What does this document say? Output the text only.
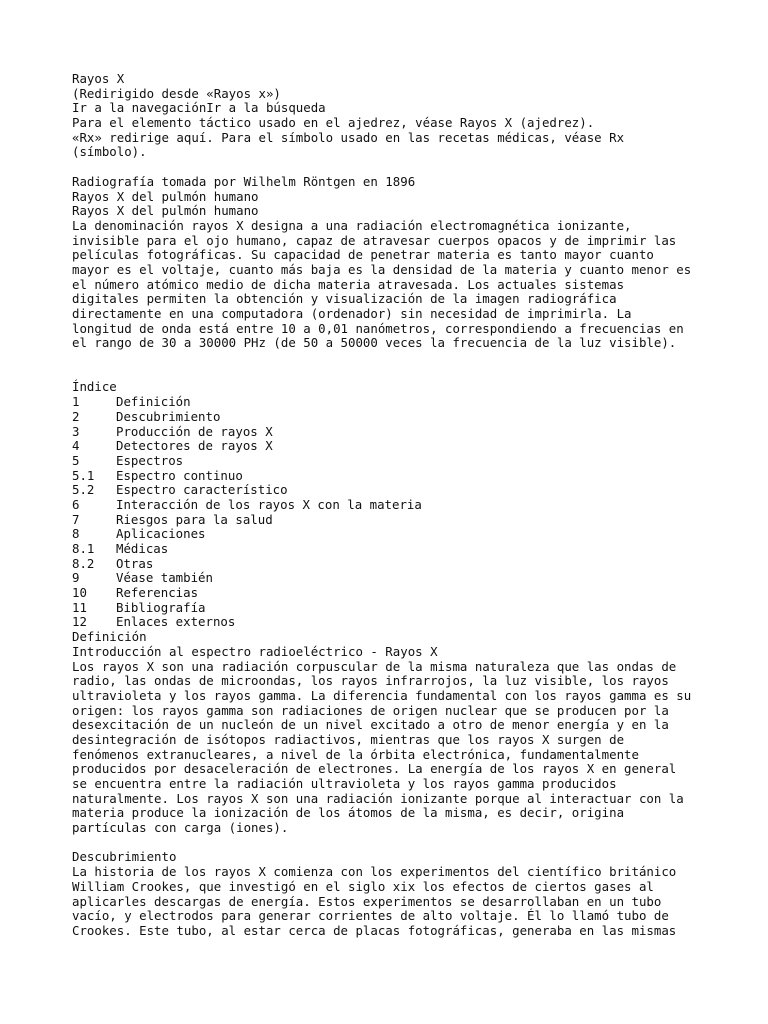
Rayos X
(Redirigido desde «Rayos x»)
Ir a la navegaciónIr a la búsqueda
Para el elemento táctico usado en el ajedrez, véase Rayos X (ajedrez).
«Rx» redirige aquí. Para el símbolo usado en las recetas médicas, véase Rx
(símbolo).
Radiografía tomada por Wilhelm Röntgen en 1896
Rayos X del pulmón humano
Rayos X del pulmón humano
La denominación rayos X designa a una radiación electromagnética ionizante,
invisible para el ojo humano, capaz de atravesar cuerpos opacos y de imprimir las
películas fotográficas. Su capacidad de penetrar materia es tanto mayor cuanto
mayor es el voltaje, cuanto más baja es la densidad de la materia y cuanto menor es
el número atómico medio de dicha materia atravesada. Los actuales sistemas
digitales permiten la obtención y visualización de la imagen radiográfica
directamente en una computadora (ordenador) sin necesidad de imprimirla. La
longitud de onda está entre 10 a 0,01 nanómetros, correspondiendo a frecuencias en
el rango de 30 a 30000 PHz (de 50 a 50000 veces la frecuencia de la luz visible).
Índice
1	Definición
2	Descubrimiento
3	Producción de rayos X
4	Detectores de rayos X
5	Espectros
5.1	Espectro continuo
5.2	Espectro característico
6	Interacción de los rayos X con la materia
7	Riesgos para la salud
8	Aplicaciones
8.1	Médicas
8.2	Otras
9	Véase también
10	Referencias
11	Bibliografía
12	Enlaces externos
Definición
Introducción al espectro radioeléctrico - Rayos X
Los rayos X son una radiación corpuscular de la misma naturaleza que las ondas de
radio, las ondas de microondas, los rayos infrarrojos, la luz visible, los rayos
ultravioleta y los rayos gamma. La diferencia fundamental con los rayos gamma es su
origen: los rayos gamma son radiaciones de origen nuclear que se producen por la
desexcitación de un nucleón de un nivel excitado a otro de menor energía y en la
desintegración de isótopos radiactivos, mientras que los rayos X surgen de
fenómenos extranucleares, a nivel de la órbita electrónica, fundamentalmente
producidos por desaceleración de electrones. La energía de los rayos X en general
se encuentra entre la radiación ultravioleta y los rayos gamma producidos
naturalmente. Los rayos X son una radiación ionizante porque al interactuar con la
materia produce la ionización de los átomos de la misma, es decir, origina
partículas con carga (iones).
Descubrimiento
La historia de los rayos X comienza con los experimentos del científico británico
William Crookes, que investigó en el siglo xix los efectos de ciertos gases al
aplicarles descargas de energía. Estos experimentos se desarrollaban en un tubo
vacío, y electrodos para generar corrientes de alto voltaje. Él lo llamó tubo de
Crookes. Este tubo, al estar cerca de placas fotográficas, generaba en las mismas
